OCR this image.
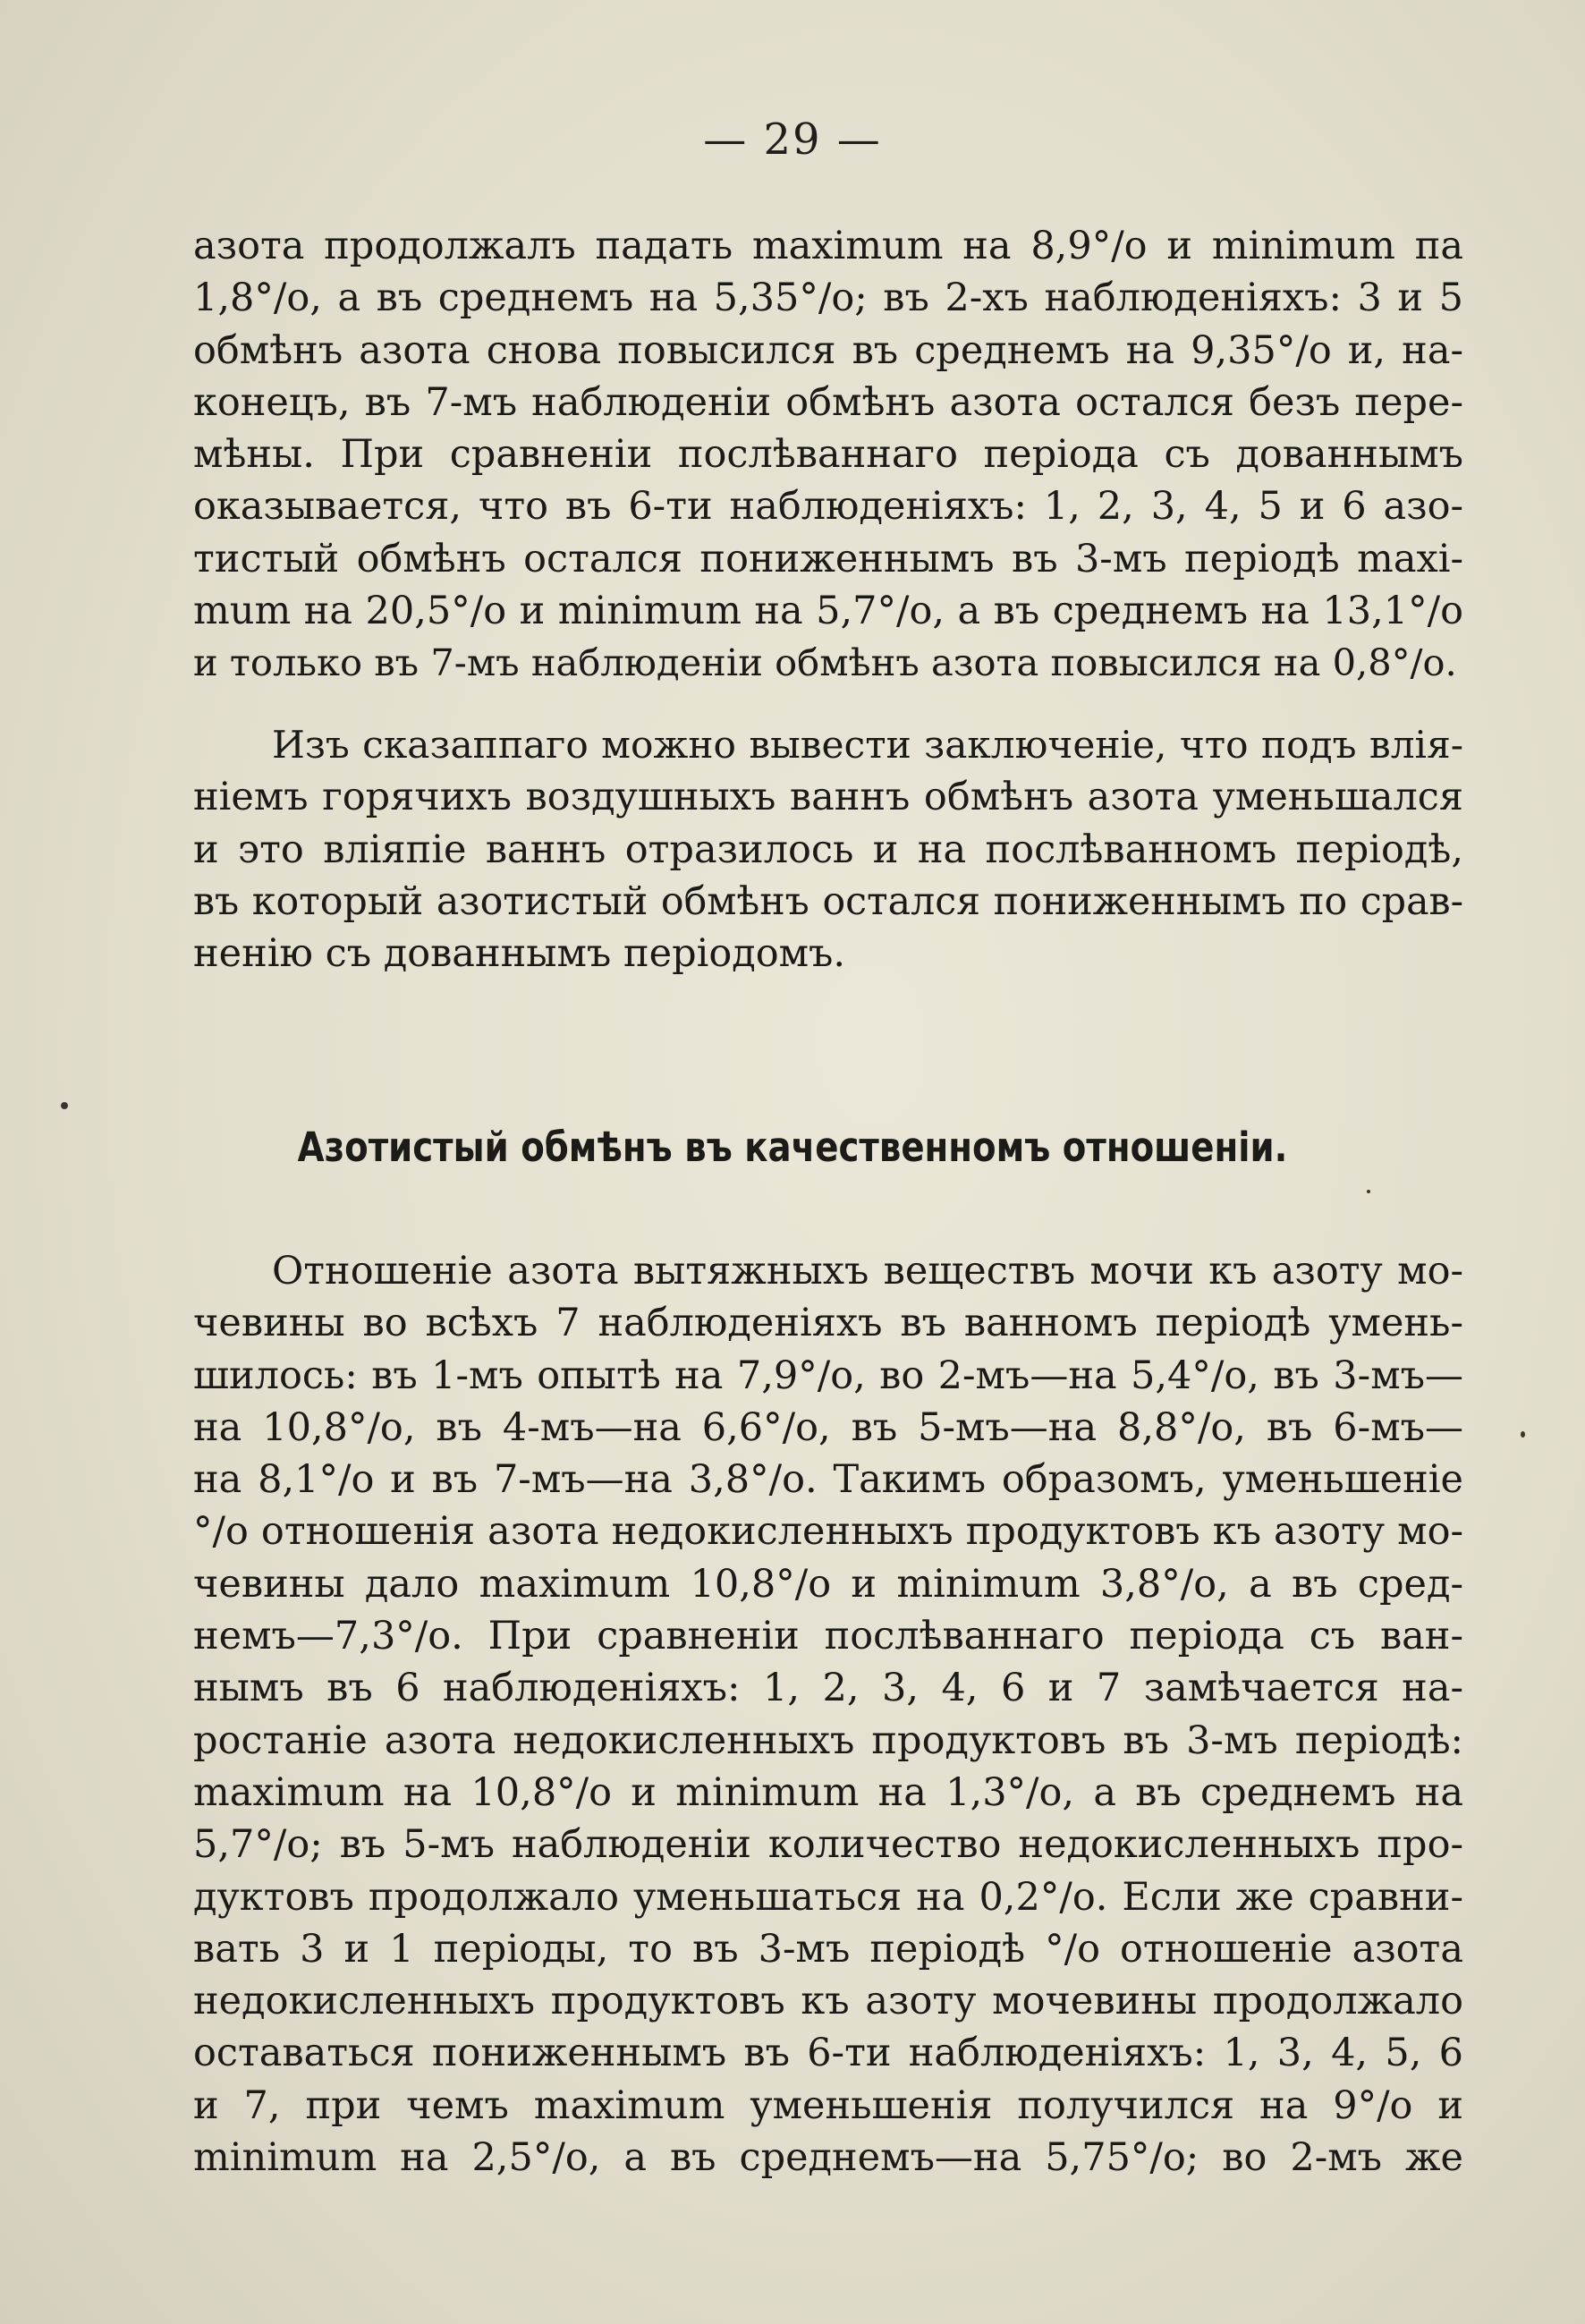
— 29 —
азота продолжалъ падать maximum на 8,9°/о и minimum па
1,8°/о, а въ среднемъ на 5,35°/о; въ 2-хъ наблюденіяхъ: 3 и 5
обмѣнъ азота снова повысился въ среднемъ на 9,35°/о и, на-
конецъ, въ 7-мъ наблюденіи обмѣнъ азота остался безъ пере-
мѣны. При сравненіи послѣваннаго періода съ дованнымъ
оказывается, что въ 6-ти наблюденіяхъ: 1, 2, 3, 4, 5 и 6 азо-
тистый обмѣнъ остался пониженнымъ въ 3-мъ періодѣ maxi-
mum на 20,5°/о и minimum на 5,7°/о, а въ среднемъ на 13,1°/о
и только въ 7-мъ наблюденіи обмѣнъ азота повысился на 0,8°/о.
Изъ сказаппаго можно вывести заключеніе, что подъ влія-
ніемъ горячихъ воздушныхъ ваннъ обмѣнъ азота уменьшался
и это вліяпіе ваннъ отразилось и на послѣванномъ періодѣ,
въ который азотистый обмѣнъ остался пониженнымъ по срав-
ненію съ дованнымъ періодомъ.
Азотистый обмѣнъ въ качественномъ отношеніи.
Отношеніе азота вытяжныхъ веществъ мочи къ азоту мо-
чевины во всѣхъ 7 наблюденіяхъ въ ванномъ періодѣ умень-
шилось: въ 1-мъ опытѣ на 7,9°/о, во 2-мъ—на 5,4°/о, въ 3-мъ—
на 10,8°/о, въ 4-мъ—на 6,6°/о, въ 5-мъ—на 8,8°/о, въ 6-мъ—
на 8,1°/о и въ 7-мъ—на 3,8°/о. Такимъ образомъ, уменьшеніе
°/о отношенія азота недокисленныхъ продуктовъ къ азоту мо-
чевины дало maximum 10,8°/о и minimum 3,8°/о, а въ сред-
немъ—7,3°/о. При сравненіи послѣваннаго періода съ ван-
нымъ въ 6 наблюденіяхъ: 1, 2, 3, 4, 6 и 7 замѣчается на-
ростаніе азота недокисленныхъ продуктовъ въ 3-мъ періодѣ:
maximum на 10,8°/о и minimum на 1,3°/о, а въ среднемъ на
5,7°/о; въ 5-мъ наблюденіи количество недокисленныхъ про-
дуктовъ продолжало уменьшаться на 0,2°/о. Если же сравни-
вать 3 и 1 періоды, то въ 3-мъ періодѣ °/о отношеніе азота
недокисленныхъ продуктовъ къ азоту мочевины продолжало
оставаться пониженнымъ въ 6-ти наблюденіяхъ: 1, 3, 4, 5, 6
и 7, при чемъ maximum уменьшенія получился на 9°/о и
minimum на 2,5°/о, а въ среднемъ—на 5,75°/о; во 2-мъ же
